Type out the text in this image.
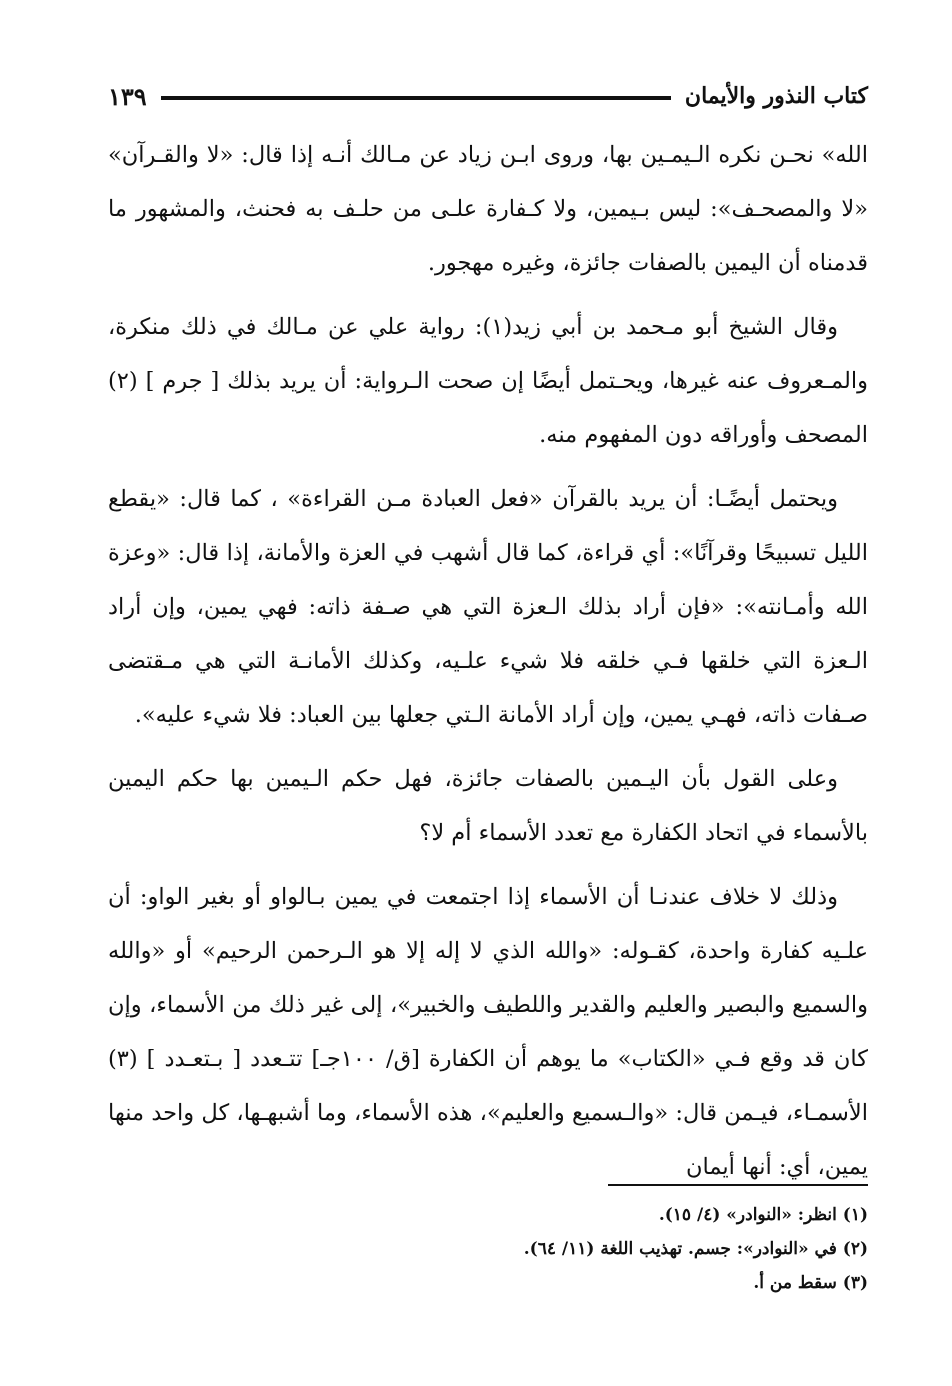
كتاب النذور والأيمان
١٣٩

الله» نحـن نكره الـيمـين بها، وروى ابـن زياد عن مـالك أنـه إذا قال: «لا والقـرآن» «لا والمصحـف»: ليس بـيمين، ولا كـفارة علـى من حلـف به فحنث، والمشهور ما قدمناه أن اليمين بالصفات جائزة، وغيره مهجور.

وقال الشيخ أبو مـحمد بن أبي زيد(١): رواية علي عن مـالك في ذلك منكرة، والمـعروف عنه غيرها، ويحـتمل أيضًا إن صحت الـرواية: أن يريد بذلك [ جرم ] (٢) المصحف وأوراقه دون المفهوم منه.

ويحتمل أيضًـا: أن يريد بالقرآن «فعل العبادة مـن القراءة» ، كما قال: «يقطع الليل تسبيحًا وقرآنًا»: أي قراءة، كما قال أشهب في العزة والأمانة، إذا قال: «وعزة الله وأمـانته»: «فإن أراد بذلك الـعزة التي هي صـفة ذاته: فهي يمين، وإن أراد الـعزة التي خلقها فـي خلقه فلا شيء علـيه، وكذلك الأمانـة التي هي مـقتضى صـفات ذاته، فهـي يمين، وإن أراد الأمانة الـتي جعلها بين العباد: فلا شيء عليه».

وعلى القول بأن اليـمين بالصفات جائزة، فهل حكم الـيمين بها حكم اليمين بالأسماء في اتحاد الكفارة مع تعدد الأسماء أم لا؟

وذلك لا خلاف عندنـا أن الأسماء إذا اجتمعت في يمين بـالواو أو بغير الواو: أن علـيه كفارة واحدة، كقـوله: «والله الذي لا إله إلا هو الـرحمن الرحيم» أو «والله والسميع والبصير والعليم والقدير واللطيف والخبير»، إلى غير ذلك من الأسماء، وإن كان قد وقع فـي «الكتاب» ما يوهم أن الكفارة [ق/ ١٠٠جـ] تتـعدد [ بـتعـدد ] (٣) الأسمـاء، فيـمن قال: «والـسميع والعليم»، هذه الأسماء، وما أشبهـها، كل واحد منها يمين، أي: أنها أيمان

(١) انظر: «النوادر» (٤/ ١٥).
(٢) في «النوادر»: جسم. تهذيب اللغة (١١/ ٦٤).
(٣) سقط من أ.
